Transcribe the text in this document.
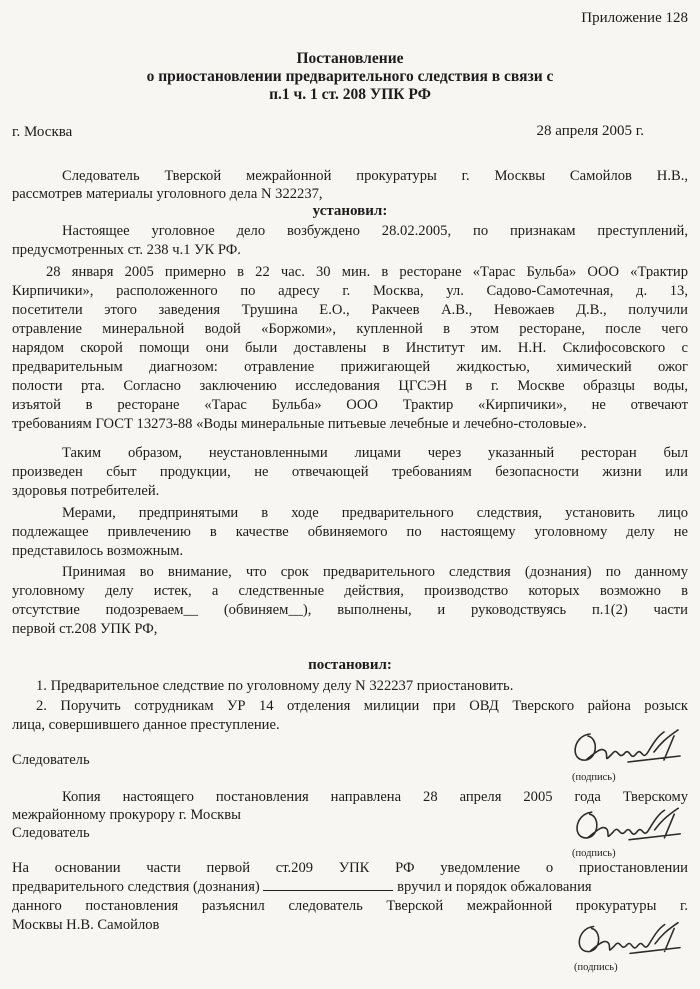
Приложение 128
Постановление
о приостановлении предварительного следствия в связи с
п.1 ч. 1 ст. 208 УПК РФ
г. Москва	28 апреля 2005 г.
Следователь Тверской межрайонной прокуратуры г. Москвы Самойлов Н.В.,
рассмотрев материалы уголовного дела N 322237,
установил:
Настоящее уголовное дело возбуждено 28.02.2005, по признакам преступлений,
предусмотренных ст. 238 ч.1 УК РФ.
28 января 2005 примерно в 22 час. 30 мин. в ресторане «Тарас Бульба» ООО «Трактир
Кирпичики», расположенного по адресу г. Москва, ул. Садово-Самотечная, д. 13,
посетители этого заведения Трушина Е.О., Ракчеев А.В., Невожаев Д.В., получили
отравление минеральной водой «Боржоми», купленной в этом ресторане, после чего
нарядом скорой помощи они были доставлены в Институт им. Н.Н. Склифосовского с
предварительным диагнозом: отравление прижигающей жидкостью, химический ожог
полости рта. Согласно заключению исследования ЦГСЭН в г. Москве образцы воды,
изъятой в ресторане «Тарас Бульба» ООО Трактир «Кирпичики», не отвечают
требованиям ГОСТ 13273-88 «Воды минеральные питьевые лечебные и лечебно-столовые».
Таким образом, неустановленными лицами через указанный ресторан был
произведен сбыт продукции, не отвечающей требованиям безопасности жизни или
здоровья потребителей.
Мерами, предпринятыми в ходе предварительного следствия, установить лицо
подлежащее привлечению в качестве обвиняемого по настоящему уголовному делу не
представилось возможным.
Принимая во внимание, что срок предварительного следствия (дознания) по данному
уголовному делу истек, а следственные действия, производство которых возможно в
отсутствие подозреваем__ (обвиняем__), выполнены, и руководствуясь п.1(2) части
первой ст.208 УПК РФ,
постановил:
1. Предварительное следствие по уголовному делу N 322237 приостановить.
2. Поручить сотрудникам УР 14 отделения милиции при ОВД Тверского района розыск
лица, совершившего данное преступление.
Следователь
(подпись)
Копия настоящего постановления направлена 28 апреля 2005 года Тверскому
межрайонному прокурору г. Москвы
Следователь
(подпись)
На основании части первой ст.209 УПК РФ уведомление о приостановлении
предварительного следствия (дознания)	вручил и порядок обжалования
данного постановления разъяснил следователь Тверской межрайонной прокуратуры г.
Москвы Н.В. Самойлов
(подпись)
